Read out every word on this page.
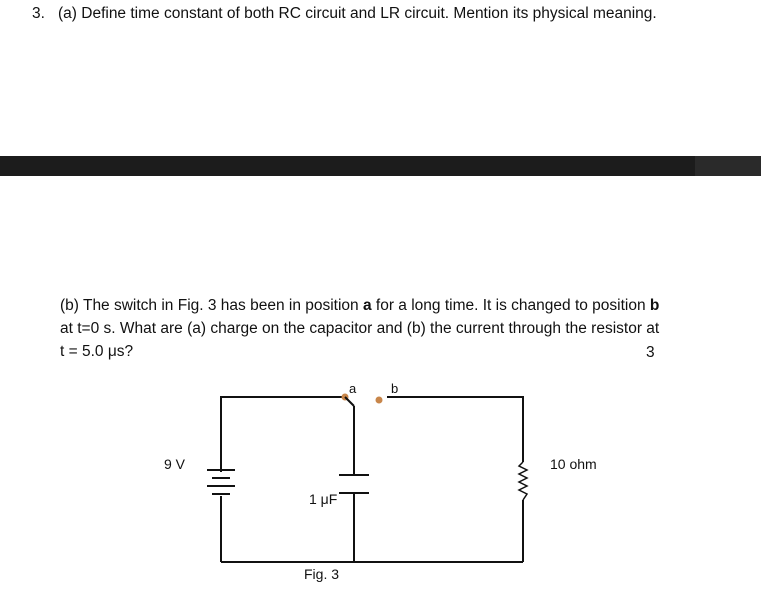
3. (a) Define time constant of both RC circuit and LR circuit. Mention its physical meaning.

(b) The switch in Fig. 3 has been in position a for a long time. It is changed to position b

at t=0 s. What are (a) charge on the capacitor and (b) the current through the resistor at

t = 5.0 μs?	3
a	b
9 V
1 μF
10 ohm
Fig. 3
